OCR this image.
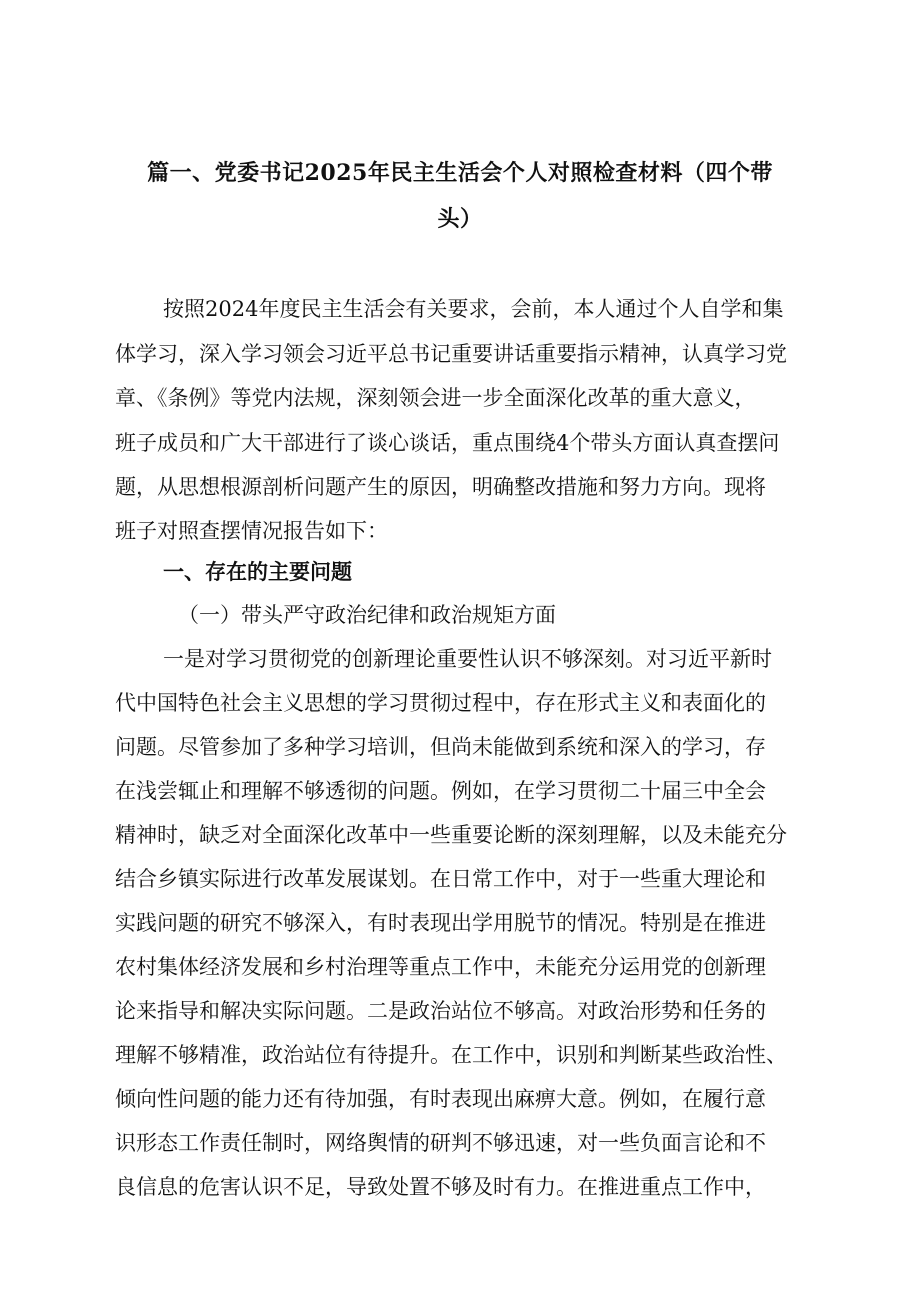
篇一、党委书记2025年民主生活会个人对照检查材料（四个带
头）
按照2024年度民主生活会有关要求，会前，本人通过个人自学和集
体学习，深入学习领会习近平总书记重要讲话重要指示精神，认真学习党
章、《条例》等党内法规，深刻领会进一步全面深化改革的重大意义，
班子成员和广大干部进行了谈心谈话，重点围绕4个带头方面认真查摆问
题，从思想根源剖析问题产生的原因，明确整改措施和努力方向。现将
班子对照查摆情况报告如下：
一、存在的主要问题
（一）带头严守政治纪律和政治规矩方面
一是对学习贯彻党的创新理论重要性认识不够深刻。对习近平新时
代中国特色社会主义思想的学习贯彻过程中，存在形式主义和表面化的
问题。尽管参加了多种学习培训，但尚未能做到系统和深入的学习，存
在浅尝辄止和理解不够透彻的问题。例如，在学习贯彻二十届三中全会
精神时，缺乏对全面深化改革中一些重要论断的深刻理解，以及未能充分
结合乡镇实际进行改革发展谋划。在日常工作中，对于一些重大理论和
实践问题的研究不够深入，有时表现出学用脱节的情况。特别是在推进
农村集体经济发展和乡村治理等重点工作中，未能充分运用党的创新理
论来指导和解决实际问题。二是政治站位不够高。对政治形势和任务的
理解不够精准，政治站位有待提升。在工作中，识别和判断某些政治性、
倾向性问题的能力还有待加强，有时表现出麻痹大意。例如，在履行意
识形态工作责任制时，网络舆情的研判不够迅速，对一些负面言论和不
良信息的危害认识不足，导致处置不够及时有力。在推进重点工作中，
